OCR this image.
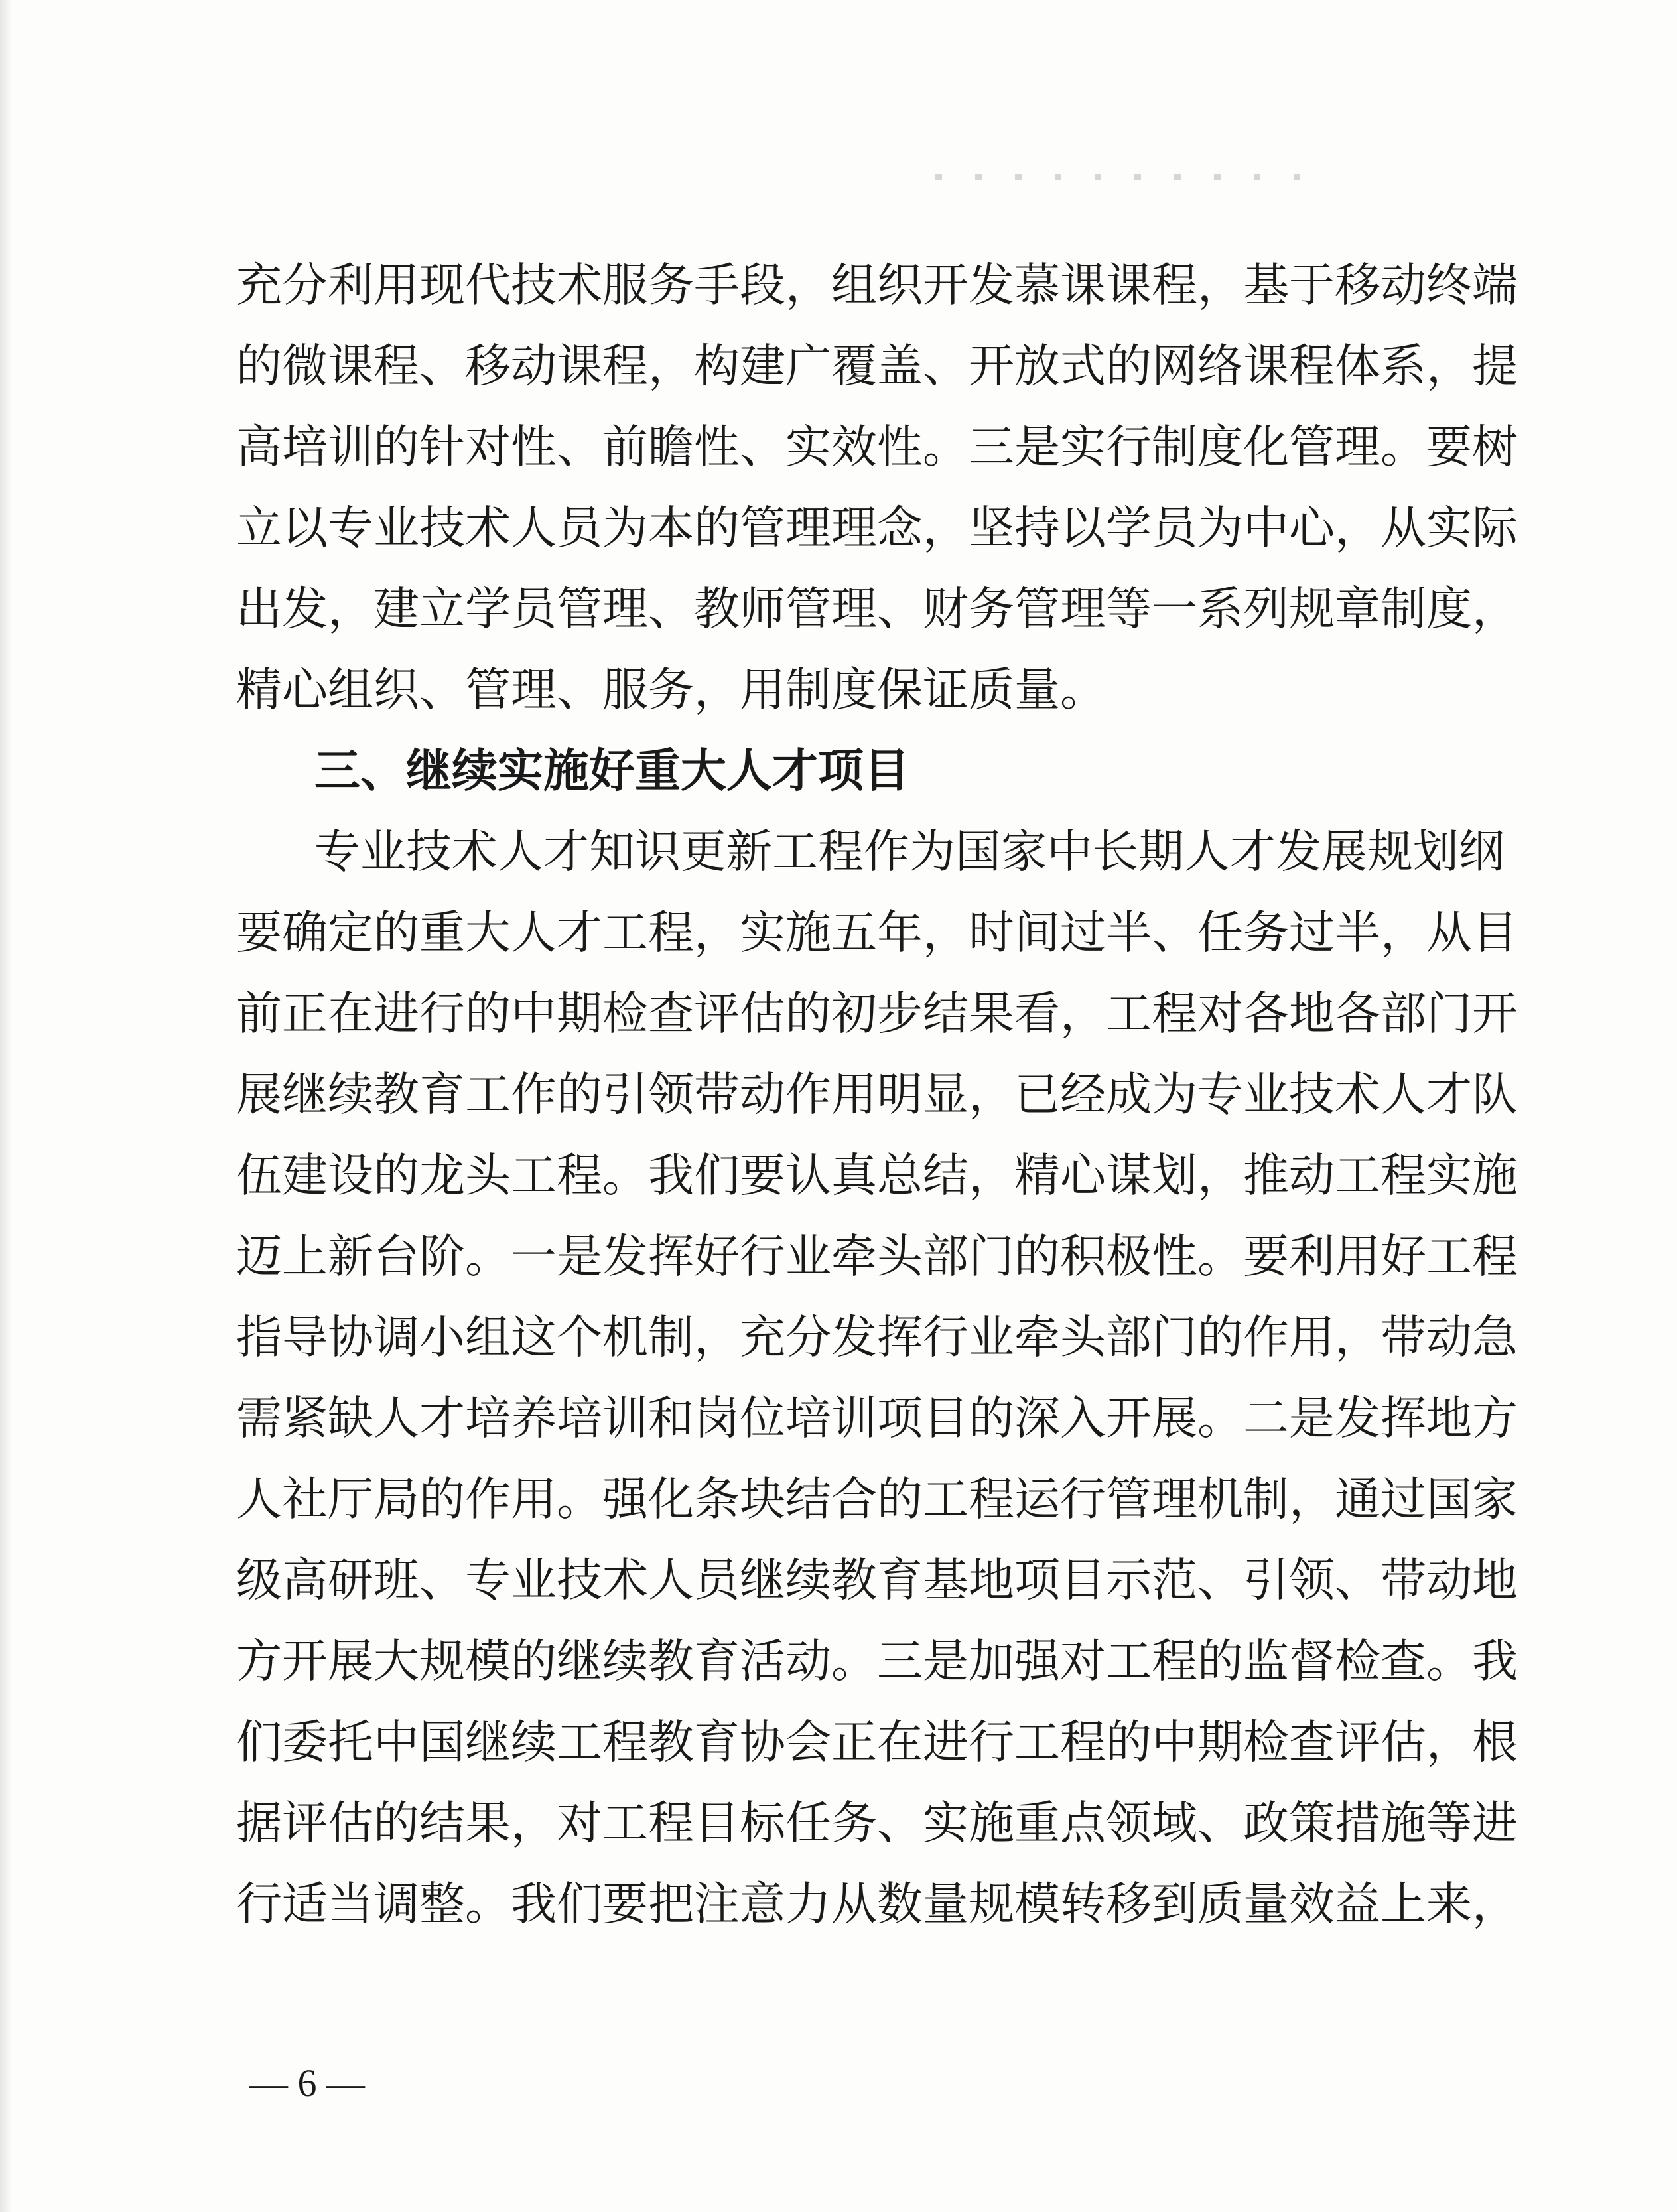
充分利用现代技术服务手段，组织开发慕课课程，基于移动终端
的微课程、移动课程，构建广覆盖、开放式的网络课程体系，提
高培训的针对性、前瞻性、实效性。三是实行制度化管理。要树
立以专业技术人员为本的管理理念，坚持以学员为中心，从实际
出发，建立学员管理、教师管理、财务管理等一系列规章制度，
精心组织、管理、服务，用制度保证质量。
三、继续实施好重大人才项目
专业技术人才知识更新工程作为国家中长期人才发展规划纲
要确定的重大人才工程，实施五年，时间过半、任务过半，从目
前正在进行的中期检查评估的初步结果看，工程对各地各部门开
展继续教育工作的引领带动作用明显，已经成为专业技术人才队
伍建设的龙头工程。我们要认真总结，精心谋划，推动工程实施
迈上新台阶。一是发挥好行业牵头部门的积极性。要利用好工程
指导协调小组这个机制，充分发挥行业牵头部门的作用，带动急
需紧缺人才培养培训和岗位培训项目的深入开展。二是发挥地方
人社厅局的作用。强化条块结合的工程运行管理机制，通过国家
级高研班、专业技术人员继续教育基地项目示范、引领、带动地
方开展大规模的继续教育活动。三是加强对工程的监督检查。我
们委托中国继续工程教育协会正在进行工程的中期检查评估，根
据评估的结果，对工程目标任务、实施重点领域、政策措施等进
行适当调整。我们要把注意力从数量规模转移到质量效益上来，
— 6 —
